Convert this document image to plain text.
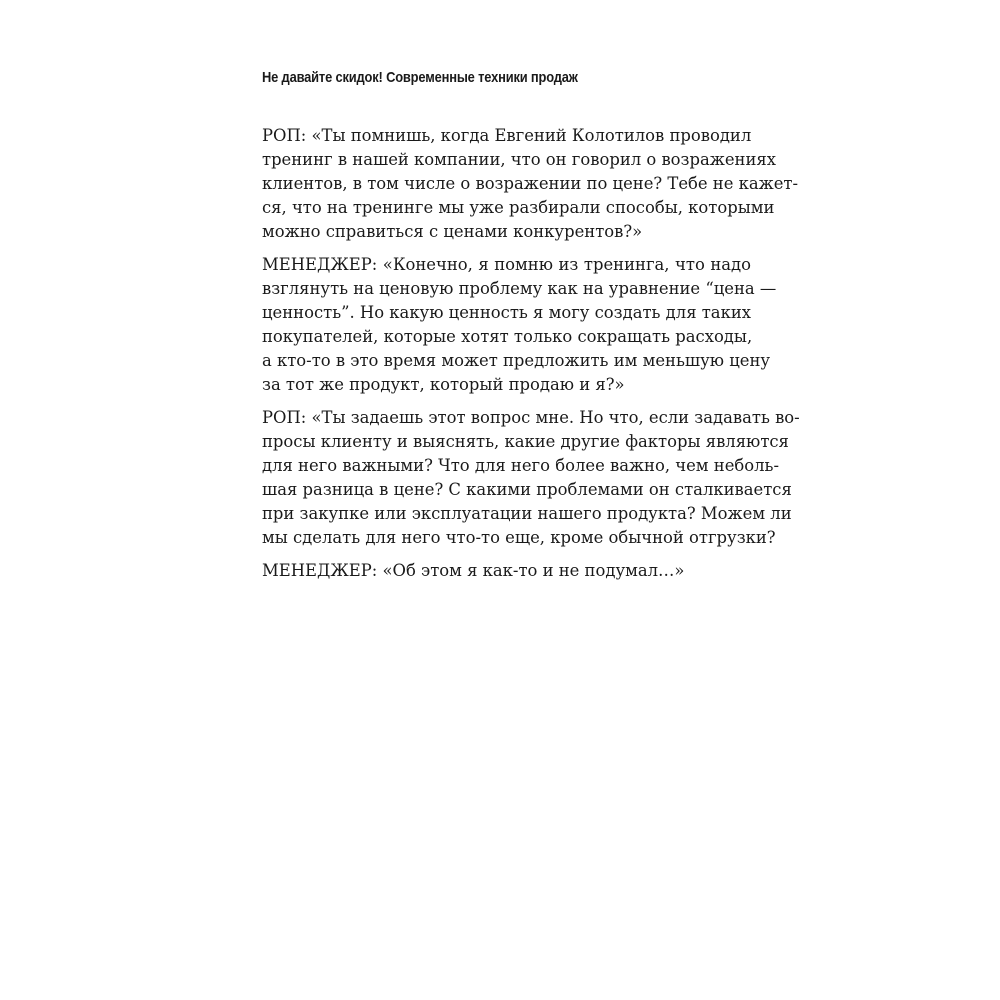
Не давайте скидок! Современные техники продаж

РОП: «Ты помнишь, когда Евгений Колотилов проводил
тренинг в нашей компании, что он говорил о возражениях
клиентов, в том числе о возражении по цене? Тебе не кажет-
ся, что на тренинге мы уже разбирали способы, которыми
можно справиться с ценами конкурентов?»

МЕНЕДЖЕР: «Конечно, я помню из тренинга, что надо
взглянуть на ценовую проблему как на уравнение “цена —
ценность”. Но какую ценность я могу создать для таких
покупателей, которые хотят только сокращать расходы,
а кто-то в это время может предложить им меньшую цену
за тот же продукт, который продаю и я?»

РОП: «Ты задаешь этот вопрос мне. Но что, если задавать во-
просы клиенту и выяснять, какие другие факторы являются
для него важными? Что для него более важно, чем неболь-
шая разница в цене? С какими проблемами он сталкивается
при закупке или эксплуатации нашего продукта? Можем ли
мы сделать для него что-то еще, кроме обычной отгрузки?

МЕНЕДЖЕР: «Об этом я как-то и не подумал…»
